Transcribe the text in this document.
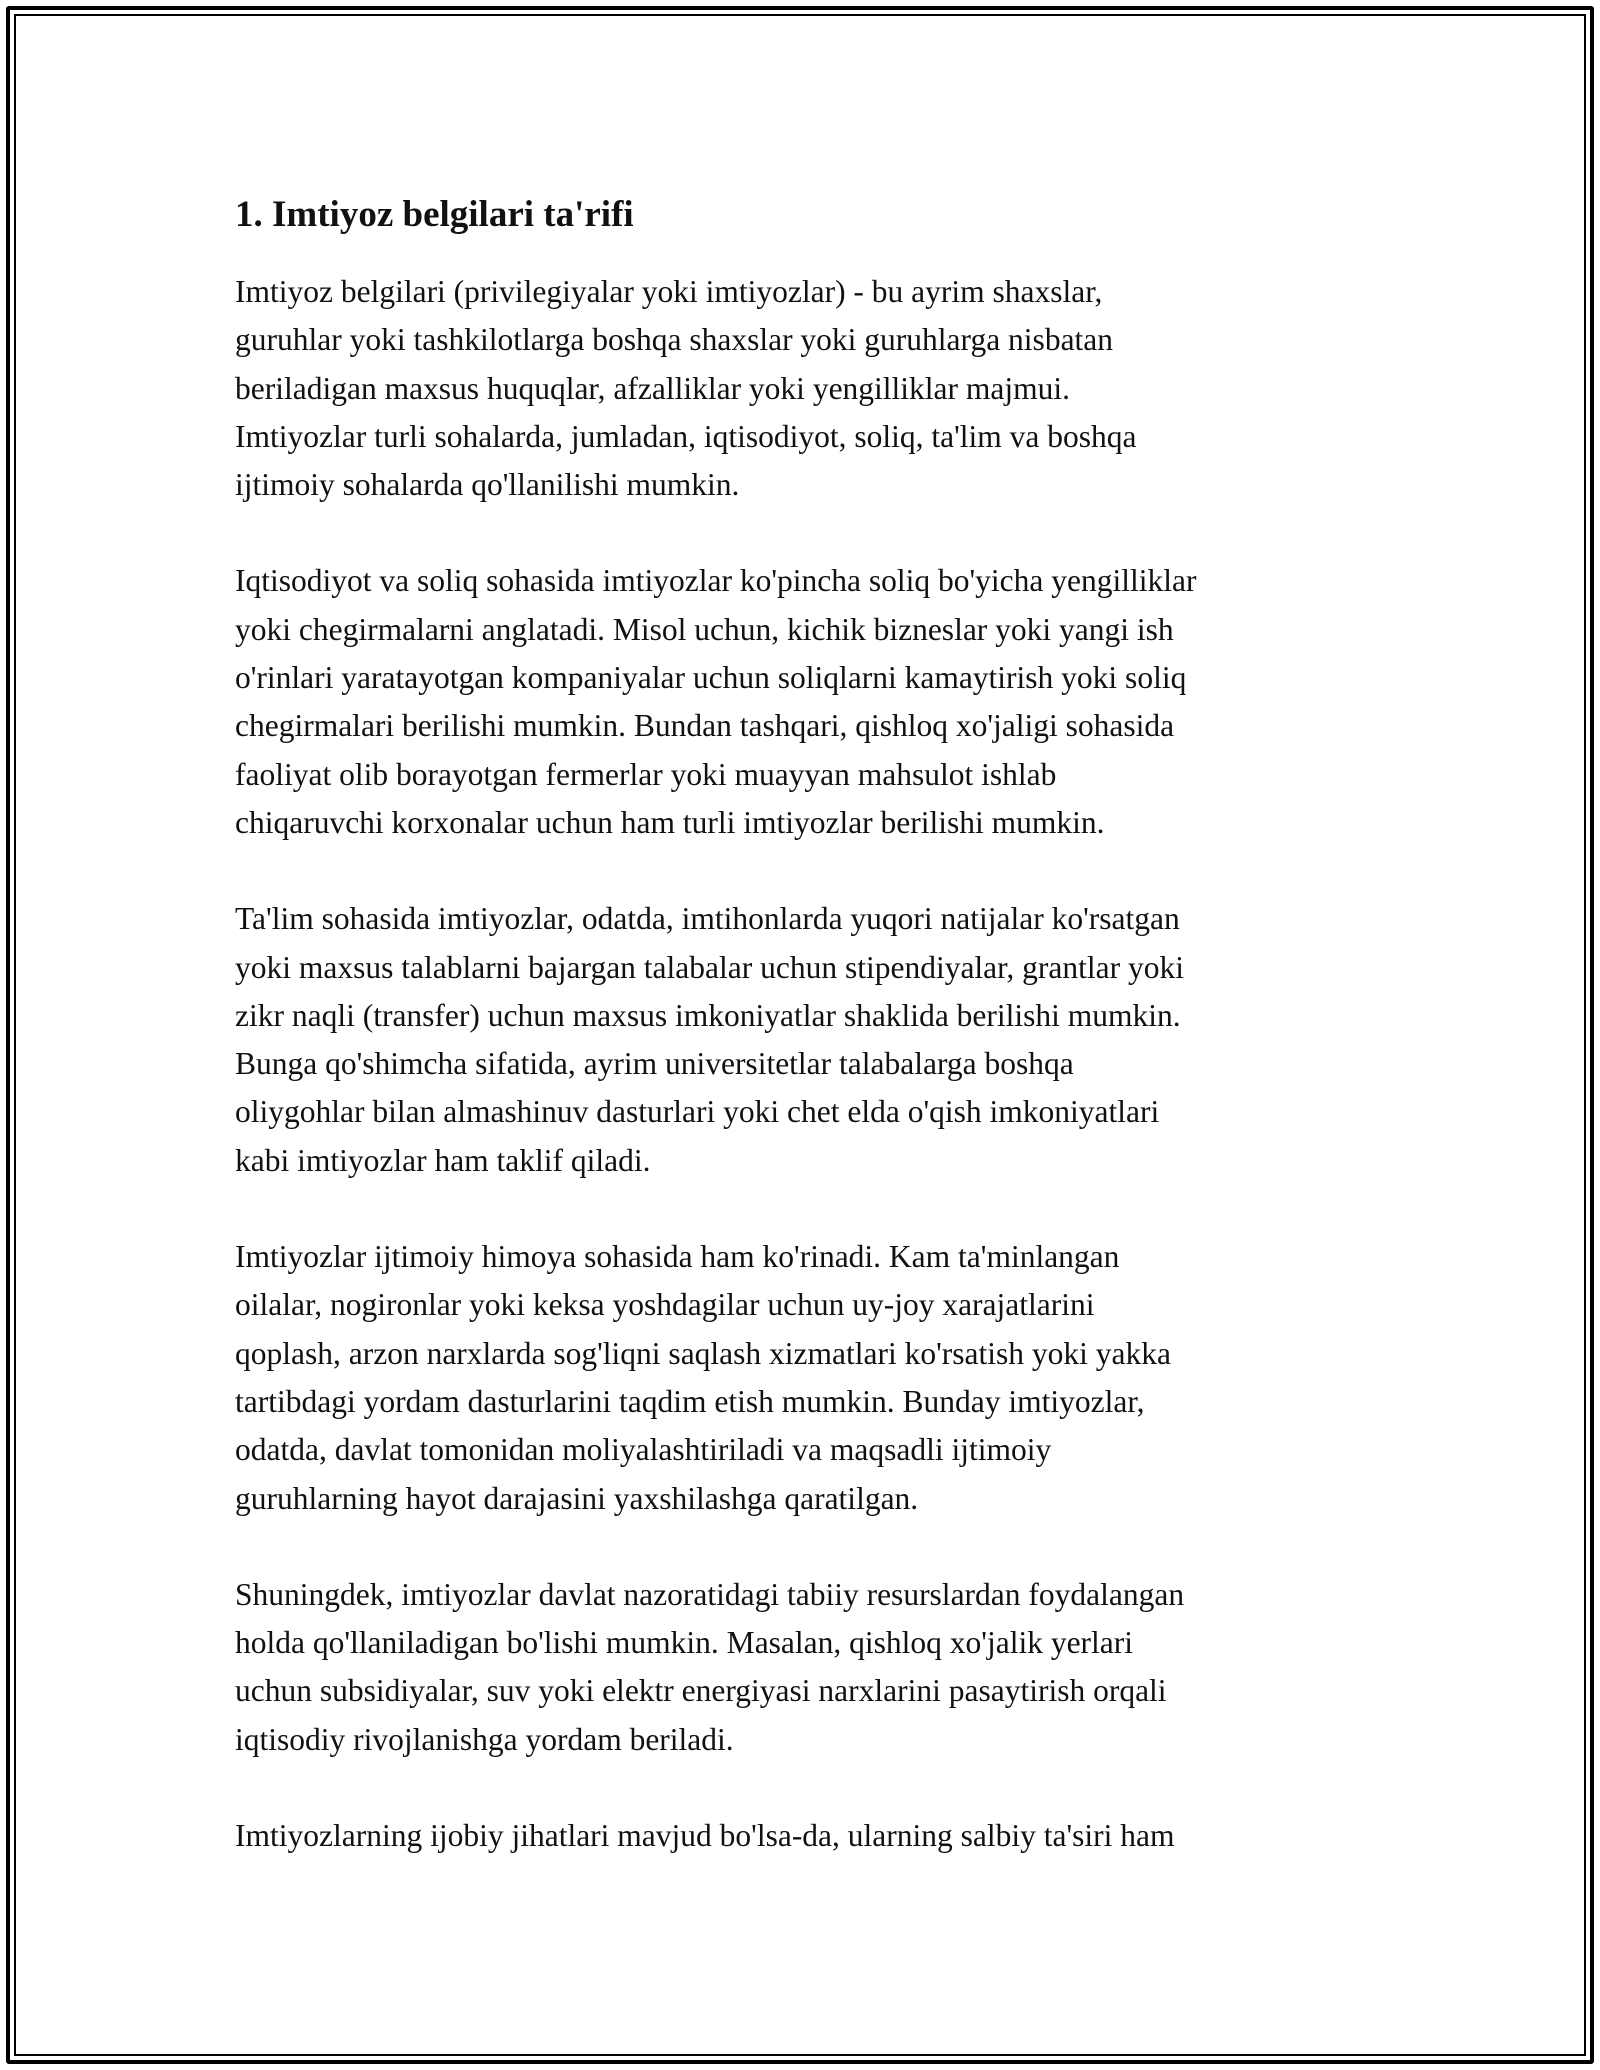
1. Imtiyoz belgilari ta'rifi

Imtiyoz belgilari (privilegiyalar yoki imtiyozlar) - bu ayrim shaxslar,
guruhlar yoki tashkilotlarga boshqa shaxslar yoki guruhlarga nisbatan
beriladigan maxsus huquqlar, afzalliklar yoki yengilliklar majmui.
Imtiyozlar turli sohalarda, jumladan, iqtisodiyot, soliq, ta'lim va boshqa
ijtimoiy sohalarda qo'llanilishi mumkin.

Iqtisodiyot va soliq sohasida imtiyozlar ko'pincha soliq bo'yicha yengilliklar
yoki chegirmalarni anglatadi. Misol uchun, kichik bizneslar yoki yangi ish
o'rinlari yaratayotgan kompaniyalar uchun soliqlarni kamaytirish yoki soliq
chegirmalari berilishi mumkin. Bundan tashqari, qishloq xo'jaligi sohasida
faoliyat olib borayotgan fermerlar yoki muayyan mahsulot ishlab
chiqaruvchi korxonalar uchun ham turli imtiyozlar berilishi mumkin.

Ta'lim sohasida imtiyozlar, odatda, imtihonlarda yuqori natijalar ko'rsatgan
yoki maxsus talablarni bajargan talabalar uchun stipendiyalar, grantlar yoki
zikr naqli (transfer) uchun maxsus imkoniyatlar shaklida berilishi mumkin.
Bunga qo'shimcha sifatida, ayrim universitetlar talabalarga boshqa
oliygohlar bilan almashinuv dasturlari yoki chet elda o'qish imkoniyatlari
kabi imtiyozlar ham taklif qiladi.

Imtiyozlar ijtimoiy himoya sohasida ham ko'rinadi. Kam ta'minlangan
oilalar, nogironlar yoki keksa yoshdagilar uchun uy-joy xarajatlarini
qoplash, arzon narxlarda sog'liqni saqlash xizmatlari ko'rsatish yoki yakka
tartibdagi yordam dasturlarini taqdim etish mumkin. Bunday imtiyozlar,
odatda, davlat tomonidan moliyalashtiriladi va maqsadli ijtimoiy
guruhlarning hayot darajasini yaxshilashga qaratilgan.

Shuningdek, imtiyozlar davlat nazoratidagi tabiiy resurslardan foydalangan
holda qo'llaniladigan bo'lishi mumkin. Masalan, qishloq xo'jalik yerlari
uchun subsidiyalar, suv yoki elektr energiyasi narxlarini pasaytirish orqali
iqtisodiy rivojlanishga yordam beriladi.

Imtiyozlarning ijobiy jihatlari mavjud bo'lsa-da, ularning salbiy ta'siri ham
